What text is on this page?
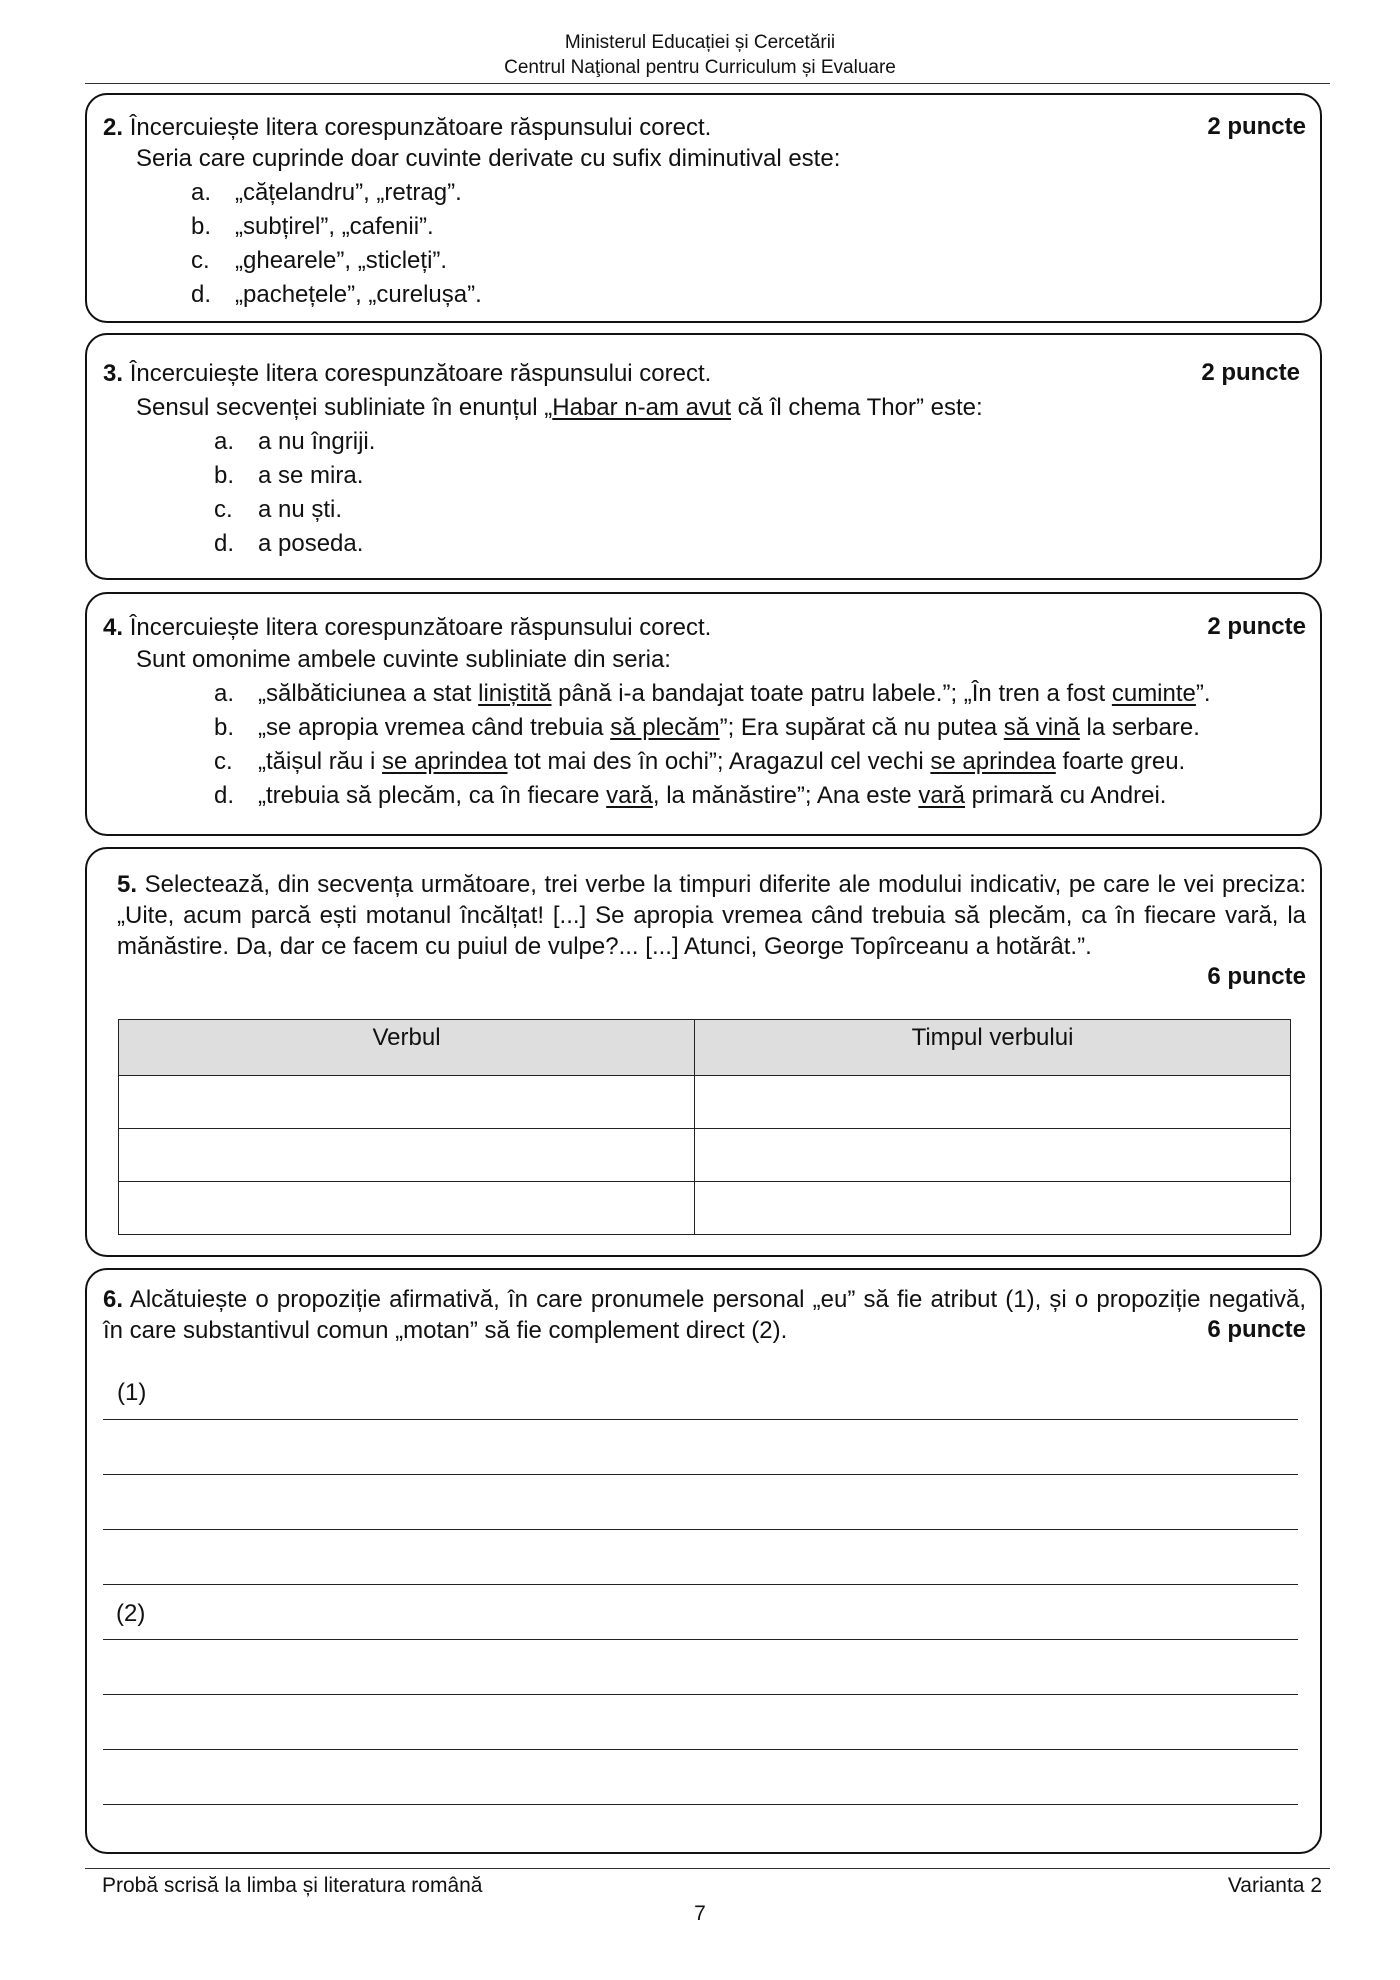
Ministerul Educației și Cercetării
Centrul Naţional pentru Curriculum și Evaluare
2. Încercuiește litera corespunzătoare răspunsului corect.	2 puncte
Seria care cuprinde doar cuvinte derivate cu sufix diminutival este:
a. „cățelandru”, „retrag”.
b. „subțirel”, „cafenii”.
c. „ghearele”, „sticleți”.
d. „pachețele”, „curelușa”.
3. Încercuiește litera corespunzătoare răspunsului corect.	2 puncte
Sensul secvenței subliniate în enunțul „Habar n-am avut că îl chema Thor” este:
a. a nu îngriji.
b. a se mira.
c. a nu ști.
d. a poseda.
4. Încercuiește litera corespunzătoare răspunsului corect.	2 puncte
Sunt omonime ambele cuvinte subliniate din seria:
a. „sălbăticiunea a stat liniștită până i-a bandajat toate patru labele.”; „În tren a fost cuminte”.
b. „se apropia vremea când trebuia să plecăm”; Era supărat că nu putea să vină la serbare.
c. „tăișul rău i se aprindea tot mai des în ochi”; Aragazul cel vechi se aprindea foarte greu.
d. „trebuia să plecăm, ca în fiecare vară, la mănăstire”; Ana este vară primară cu Andrei.
5. Selectează, din secvența următoare, trei verbe la timpuri diferite ale modului indicativ, pe care le vei preciza: „Uite, acum parcă ești motanul încălțat! [...] Se apropia vremea când trebuia să plecăm, ca în fiecare vară, la mănăstire. Da, dar ce facem cu puiul de vulpe?... [...] Atunci, George Topîrceanu a hotărât.”.
6 puncte
Verbul	Timpul verbului

6. Alcătuiește o propoziție afirmativă, în care pronumele personal „eu” să fie atribut (1), și o propoziție negativă, în care substantivul comun „motan” să fie complement direct (2).	6 puncte
(1)
(2)
Probă scrisă la limba și literatura română	Varianta 2
7
